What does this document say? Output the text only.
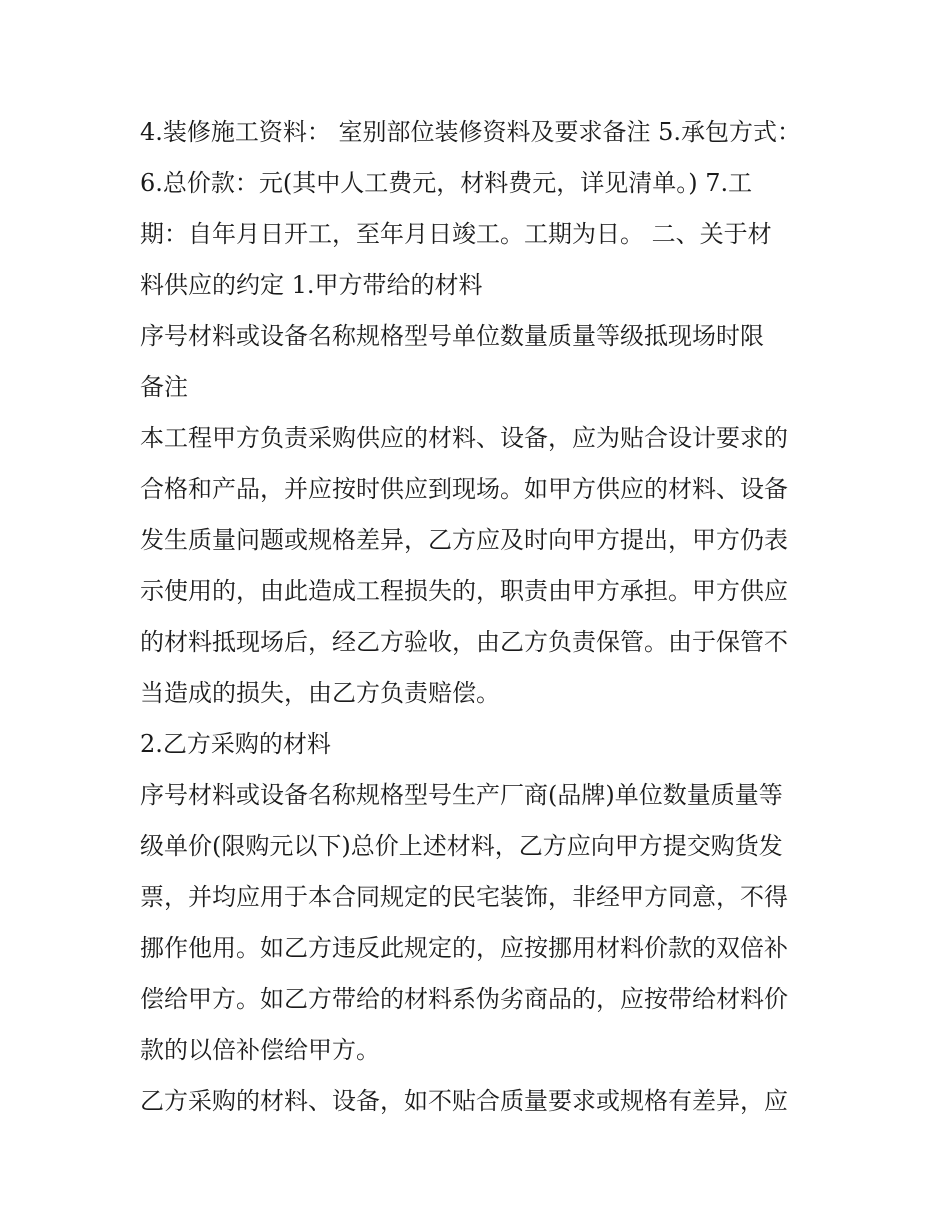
4.装修施工资料： 室别部位装修资料及要求备注 5.承包方式：
6.总价款：元(其中人工费元，材料费元，详见清单。) 7.工
期：自年月日开工，至年月日竣工。工期为日。 二、关于材
料供应的约定 1.甲方带给的材料
序号材料或设备名称规格型号单位数量质量等级抵现场时限
备注
本工程甲方负责采购供应的材料、设备，应为贴合设计要求的
合格和产品，并应按时供应到现场。如甲方供应的材料、设备
发生质量问题或规格差异，乙方应及时向甲方提出，甲方仍表
示使用的，由此造成工程损失的，职责由甲方承担。甲方供应
的材料抵现场后，经乙方验收，由乙方负责保管。由于保管不
当造成的损失，由乙方负责赔偿。
2.乙方采购的材料
序号材料或设备名称规格型号生产厂商(品牌)单位数量质量等
级单价(限购元以下)总价上述材料，乙方应向甲方提交购货发
票，并均应用于本合同规定的民宅装饰，非经甲方同意，不得
挪作他用。如乙方违反此规定的，应按挪用材料价款的双倍补
偿给甲方。如乙方带给的材料系伪劣商品的，应按带给材料价
款的以倍补偿给甲方。
乙方采购的材料、设备，如不贴合质量要求或规格有差异，应
